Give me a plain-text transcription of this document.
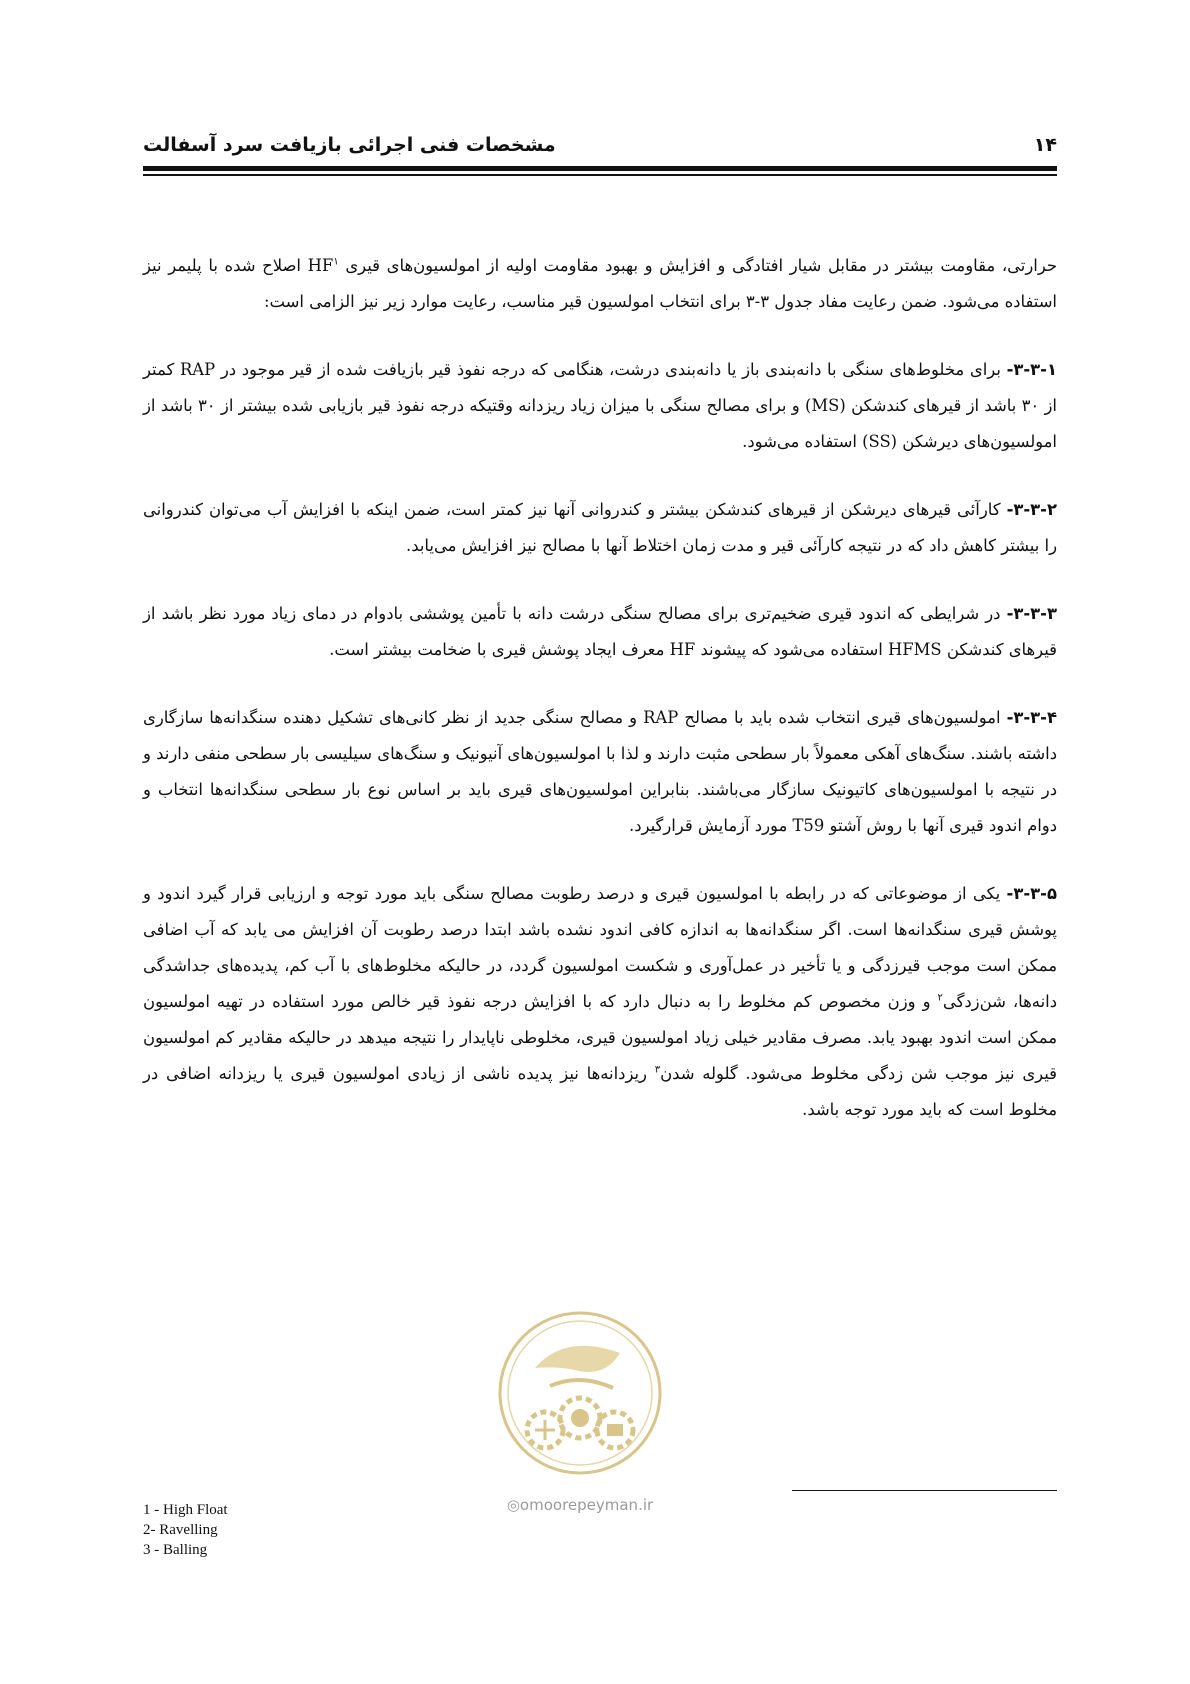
۱۴
مشخصات فنی اجرائی بازیافت سرد آسفالت

حرارتی، مقاومت بیشتر در مقابل شیار افتادگی و افزایش و بهبود مقاومت اولیه از امولسیون‌های قیری $HF^۱$ اصلاح شده با پلیمر نیز استفاده می‌شود. ضمن رعایت مفاد جدول ۳-۳ برای انتخاب امولسیون قیر مناسب، رعایت موارد زیر نیز الزامی است:

۳-۳-۱- برای مخلوط‌های سنگی با دانه‌بندی باز یا دانه‌بندی درشت، هنگامی که درجه نفوذ قیر بازیافت شده از قیر موجود در RAP کمتر از ۳۰ باشد از قیرهای کندشکن (MS) و برای مصالح سنگی با میزان زیاد ریزدانه وقتیکه درجه نفوذ قیر بازیابی شده بیشتر از ۳۰ باشد از امولسیون‌های دیرشکن (SS) استفاده می‌شود.

۳-۳-۲- کارآئی قیرهای دیرشکن از قیرهای کندشکن بیشتر و کندروانی آنها نیز کمتر است، ضمن اینکه با افزایش آب می‌توان کندروانی را بیشتر کاهش داد که در نتیجه کارآئی قیر و مدت زمان اختلاط آنها با مصالح نیز افزایش می‌یابد.

۳-۳-۳- در شرایطی که اندود قیری ضخیم‌تری برای مصالح سنگی درشت دانه با تأمین پوششی بادوام در دمای زیاد مورد نظر باشد از قیرهای کندشکن HFMS استفاده می‌شود که پیشوند HF معرف ایجاد پوشش قیری با ضخامت بیشتر است.

۳-۳-۴- امولسیون‌های قیری انتخاب شده باید با مصالح RAP و مصالح سنگی جدید از نظر کانی‌های تشکیل دهنده سنگدانه‌ها سازگاری داشته باشند. سنگ‌های آهکی معمولاً بار سطحی مثبت دارند و لذا با امولسیون‌های آنیونیک و سنگ‌های سیلیسی بار سطحی منفی دارند و در نتیجه با امولسیون‌های کاتیونیک سازگار می‌باشند. بنابراین امولسیون‌های قیری باید بر اساس نوع بار سطحی سنگدانه‌ها انتخاب و دوام اندود قیری آنها با روش آشتو T59 مورد آزمایش قرارگیرد.

۳-۳-۵- یکی از موضوعاتی که در رابطه با امولسیون قیری و درصد رطوبت مصالح سنگی باید مورد توجه و ارزیابی قرار گیرد اندود و پوشش قیری سنگدانه‌ها است. اگر سنگدانه‌ها به اندازه کافی اندود نشده باشد ابتدا درصد رطوبت آن افزایش می یابد که آب اضافی ممکن است موجب قیرزدگی و یا تأخیر در عمل‌آوری و شکست امولسیون گردد، در حالیکه مخلوط‌های با آب کم، پدیده‌های جداشدگی دانه‌ها، شن‌زدگی$^۲$ و وزن مخصوص کم مخلوط را به دنبال دارد که با افزایش درجه نفوذ قیر خالص مورد استفاده در تهیه امولسیون ممکن است اندود بهبود یابد. مصرف مقادیر خیلی زیاد امولسیون قیری، مخلوطی ناپایدار را نتیجه میدهد در حالیکه مقادیر کم امولسیون قیری نیز موجب شن زدگی مخلوط می‌شود. گلوله شدن$^۳$ ریزدانه‌ها نیز پدیده ناشی از زیادی امولسیون قیری یا ریزدانه اضافی در مخلوط است که باید مورد توجه باشد.

◎omoorepeyman.ir
1 - High Float
2- Ravelling
3 - Balling
